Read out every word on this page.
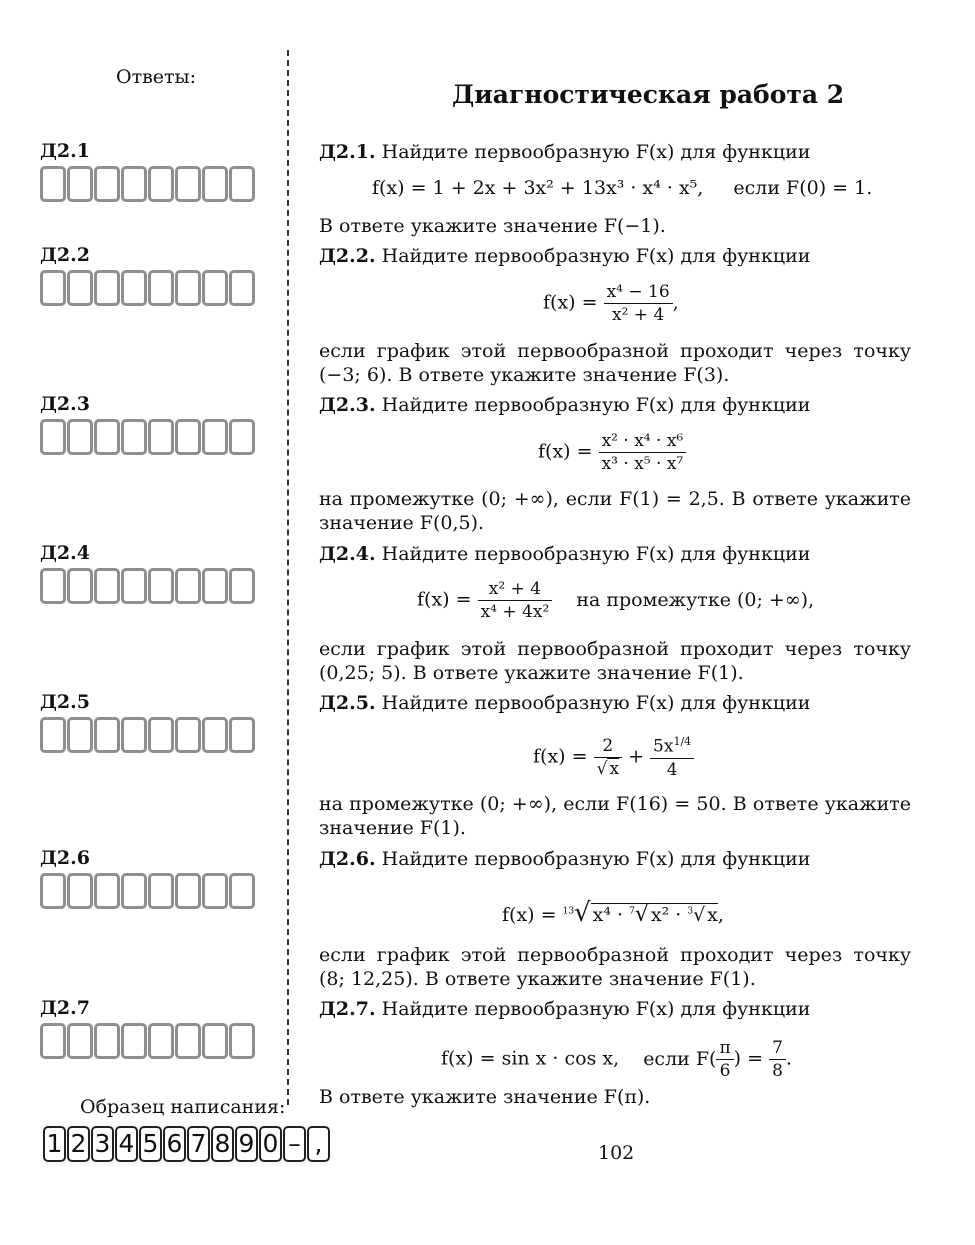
Ответы:
Д2.1
Д2.2
Д2.3
Д2.4
Д2.5
Д2.6
Д2.7
Образец написания:
1 2 3 4 5 6 7 8 9 0 – ,
Диагностическая работа 2
Д2.1. Найдите первообразную F(x) для функции
f(x) = 1 + 2x + 3x² + 13x³ · x⁴ · x⁵, если F(0) = 1.
В ответе укажите значение F(−1).
Д2.2. Найдите первообразную F(x) для функции
$f(x) = \frac{\text{x⁴ − 16}}{\text{x² + 4}}$ ,
если график этой первообразной проходит через точку (−3; 6). В ответе укажите значение F(3).
Д2.3. Найдите первообразную F(x) для функции
$f(x) = \frac{\text{x² · x⁴ · x⁶}}{\text{x³ · x⁵ · x⁷}}$
на промежутке (0; +∞), если F(1) = 2,5. В ответе укажите значение F(0,5).
Д2.4. Найдите первообразную F(x) для функции
$f(x) = \frac{\text{x² + 4}}{\text{x⁴ + 4x²}}$ на промежутке (0; +∞),
если график этой первообразной проходит через точку (0,25; 5). В ответе укажите значение F(1).
Д2.5. Найдите первообразную F(x) для функции
$f(x) = \frac{2}{√ x} + \frac{5x^{1/4}}{4}$
на промежутке (0; +∞), если F(16) = 50. В ответе укажите значение F(1).
Д2.6. Найдите первообразную F(x) для функции
f(x) = $^{13}$√ x⁴ · $^7$√ x² · $^3$√ x,
если график этой первообразной проходит через точку (8; 12,25). В ответе укажите значение F(1).
Д2.7. Найдите первообразную F(x) для функции
f(x) = sin x · cos x, если $F( \frac{\pi}{6}$ ) = $\frac{7}{8}$ .
В ответе укажите значение F(π).
102
